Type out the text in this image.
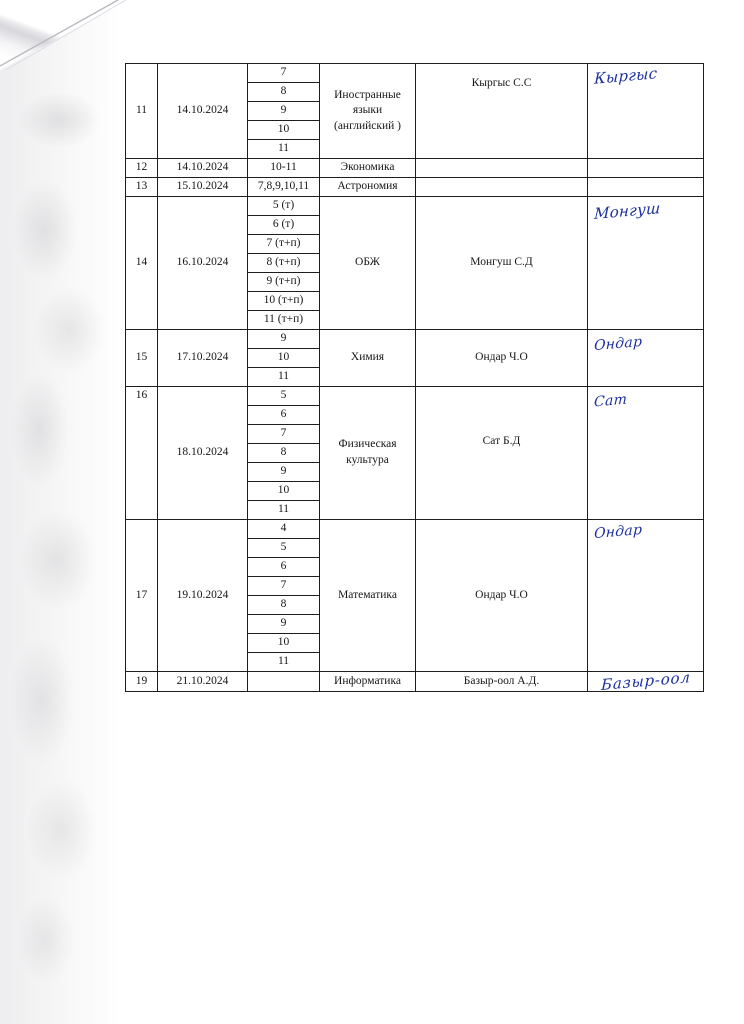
11	14.10.2024	7	Иностранные
языки
(английский )	Кыргыс С.С	Кыргыс

		8			
		9			
		10			
		11			
12	14.10.2024	10-11	Экономика		
13	15.10.2024	7,8,9,10,11	Астрономия		
14	16.10.2024	5 (т)	ОБЖ	Монгуш С.Д	Монгуш

		6 (т)			
		7 (т+п)			
		8 (т+п)			
		9 (т+п)			
		10 (т+п)			
		11 (т+п)			
15	17.10.2024	9	Химия	Ондар Ч.О	Ондар

		10			
		11			
16	18.10.2024	5	Физическая
культура	Сат Б.Д	Сат

		6			
		7			
		8			
		9			
		10			
		11			
17	19.10.2024	4	Математика	Ондар Ч.О	Ондар

		5			
		6			
		7			
		8			
		9			
		10			
		11			
19	21.10.2024		Информатика	Базыр-оол А.Д.	Базыр-оол
